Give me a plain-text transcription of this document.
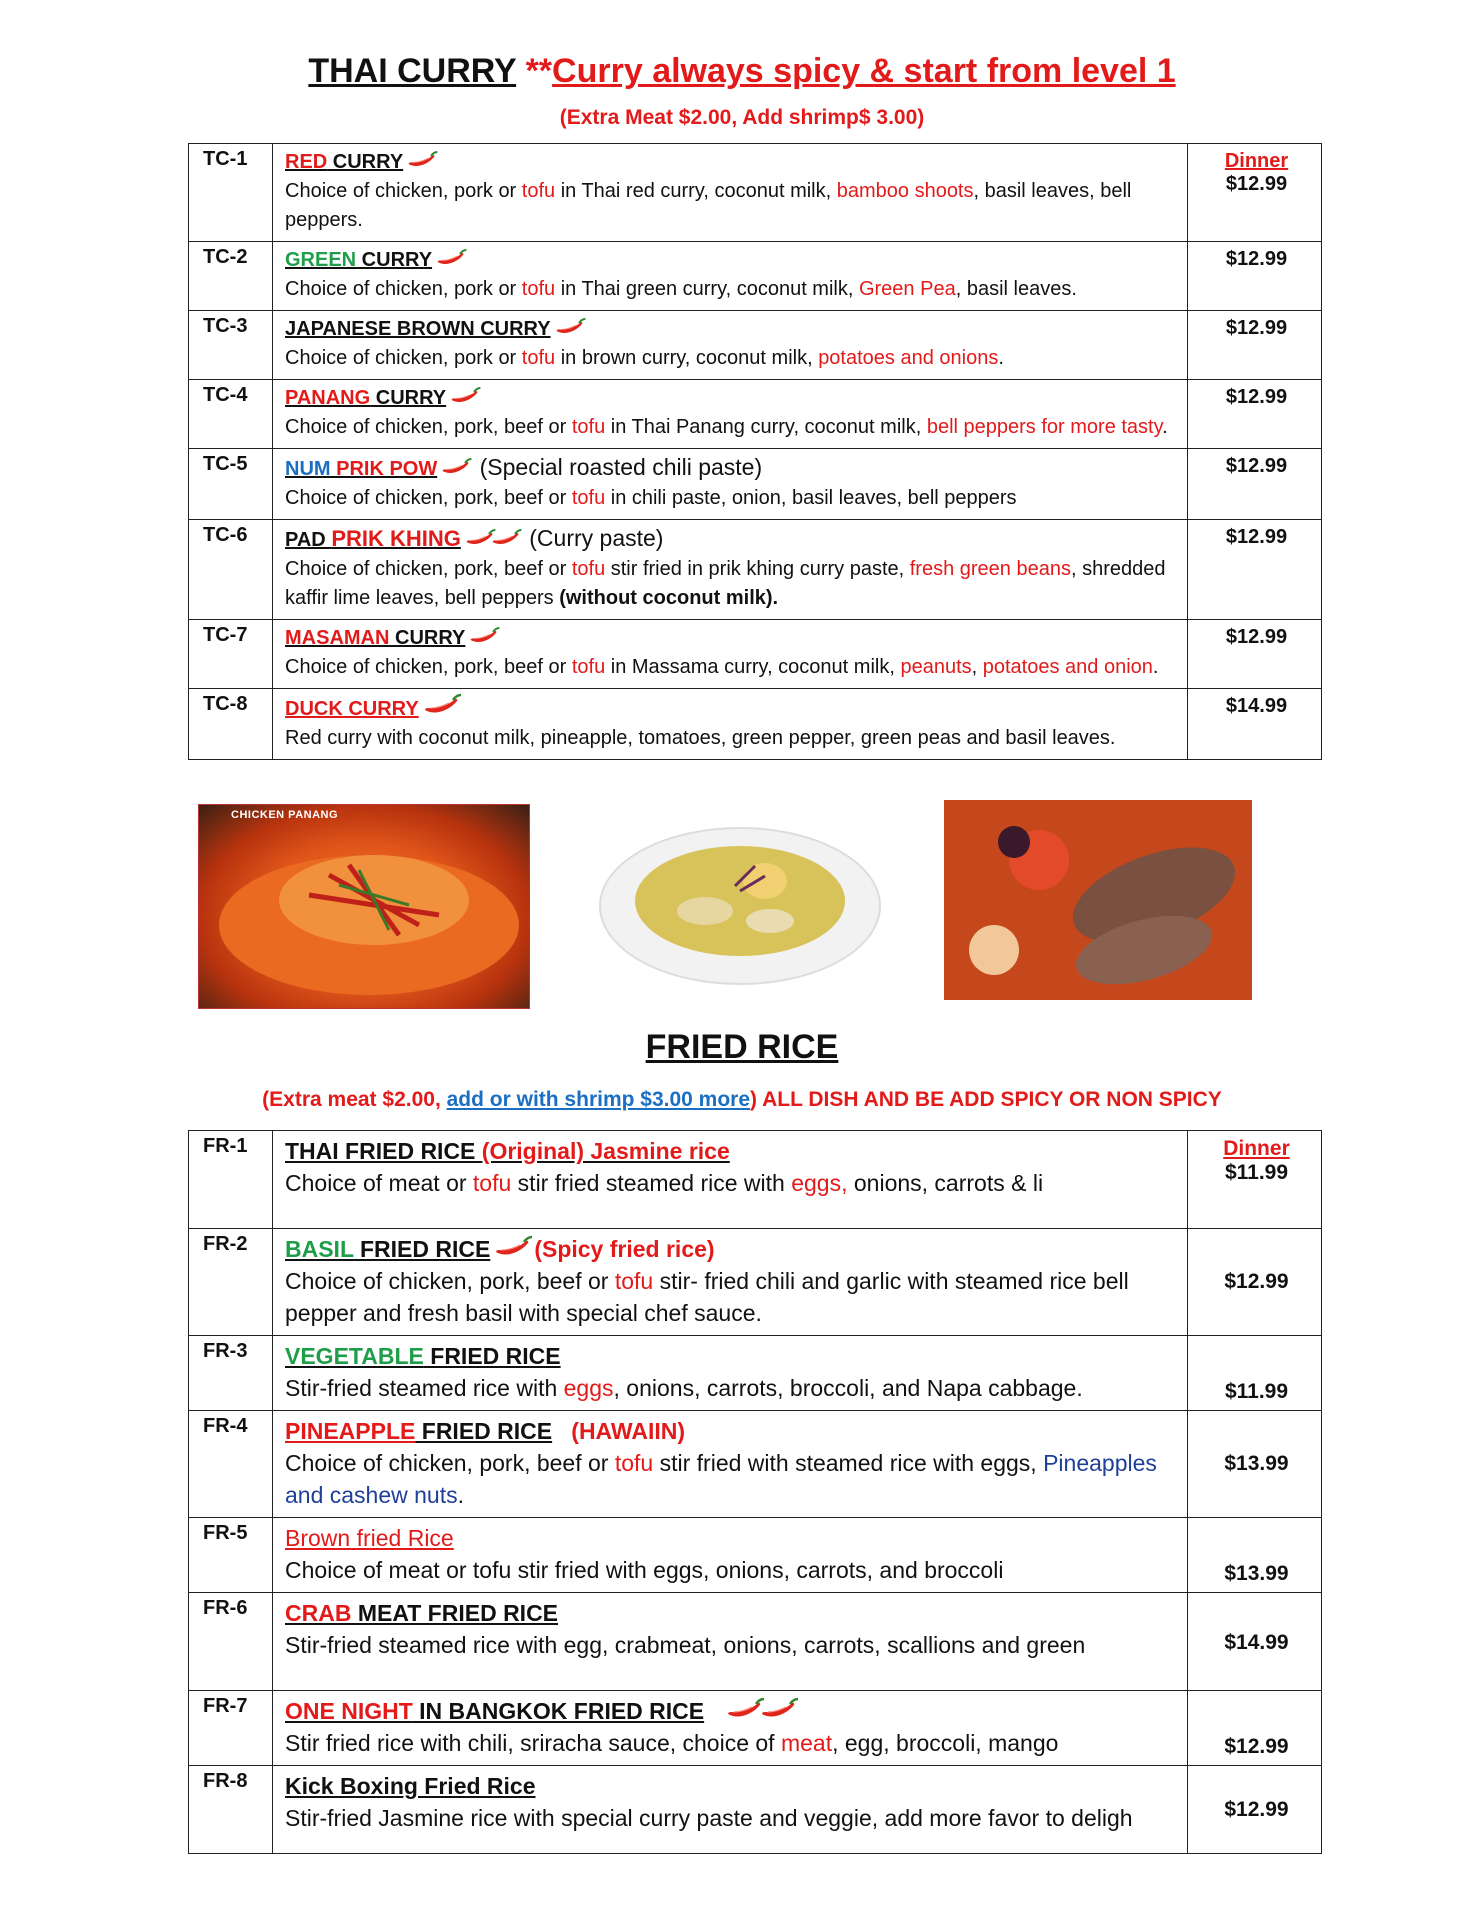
THAI CURRY **Curry always spicy & start from level 1
(Extra Meat $2.00, Add shrimp$ 3.00)
TC-1	RED CURRY
Choice of chicken, pork or tofu in Thai red curry, coconut milk, bamboo shoots, basil leaves, bell peppers.	Dinner
$12.99
TC-2	GREEN CURRY
Choice of chicken, pork or tofu in Thai green curry, coconut milk, Green Pea, basil leaves.	$12.99
TC-3	JAPANESE BROWN CURRY
Choice of chicken, pork or tofu in brown curry, coconut milk, potatoes and onions.	$12.99
TC-4	PANANG CURRY
Choice of chicken, pork, beef or tofu in Thai Panang curry, coconut milk, bell peppers for more tasty.	$12.99
TC-5	NUM PRIK POW (Special roasted chili paste)
Choice of chicken, pork, beef or tofu in chili paste, onion, basil leaves, bell peppers	$12.99
TC-6	PAD PRIK KHING (Curry paste)
Choice of chicken, pork, beef or tofu stir fried in prik khing curry paste, fresh green beans, shredded kaffir lime leaves, bell peppers (without coconut milk).	$12.99
TC-7	MASAMAN CURRY
Choice of chicken, pork, beef or tofu in Massama curry, coconut milk, peanuts, potatoes and onion.	$12.99
TC-8	DUCK CURRY
Red curry with coconut milk, pineapple, tomatoes, green pepper, green peas and basil leaves.	$14.99
CHICKEN PANANG
FRIED RICE
(Extra meat $2.00, add or with shrimp $3.00 more) ALL DISH AND BE ADD SPICY OR NON SPICY
FR-1	THAI FRIED RICE (Original) Jasmine rice
Choice of meat or tofu stir fried steamed rice with eggs, onions, carrots & li	Dinner
$11.99
FR-2	BASIL FRIED RICE (Spicy fried rice)
Choice of chicken, pork, beef or tofu stir- fried chili and garlic with steamed rice bell pepper and fresh basil with special chef sauce.	$12.99
FR-3	VEGETABLE FRIED RICE
Stir-fried steamed rice with eggs, onions, carrots, broccoli, and Napa cabbage.	$11.99
FR-4	PINEAPPLE FRIED RICE   (HAWAIIN)
Choice of chicken, pork, beef or tofu stir fried with steamed rice with eggs, Pineapples and cashew nuts.	$13.99
FR-5	Brown fried Rice
Choice of meat or tofu stir fried with eggs, onions, carrots, and broccoli	$13.99
FR-6	CRAB MEAT FRIED RICE
Stir-fried steamed rice with egg, crabmeat, onions, carrots, scallions and green	$14.99
FR-7	ONE NIGHT IN BANGKOK FRIED RICE
Stir fried rice with chili, sriracha sauce, choice of meat, egg, broccoli, mango	$12.99
FR-8	Kick Boxing Fried Rice
Stir-fried Jasmine rice with special curry paste and veggie, add more favor to deligh	$12.99
